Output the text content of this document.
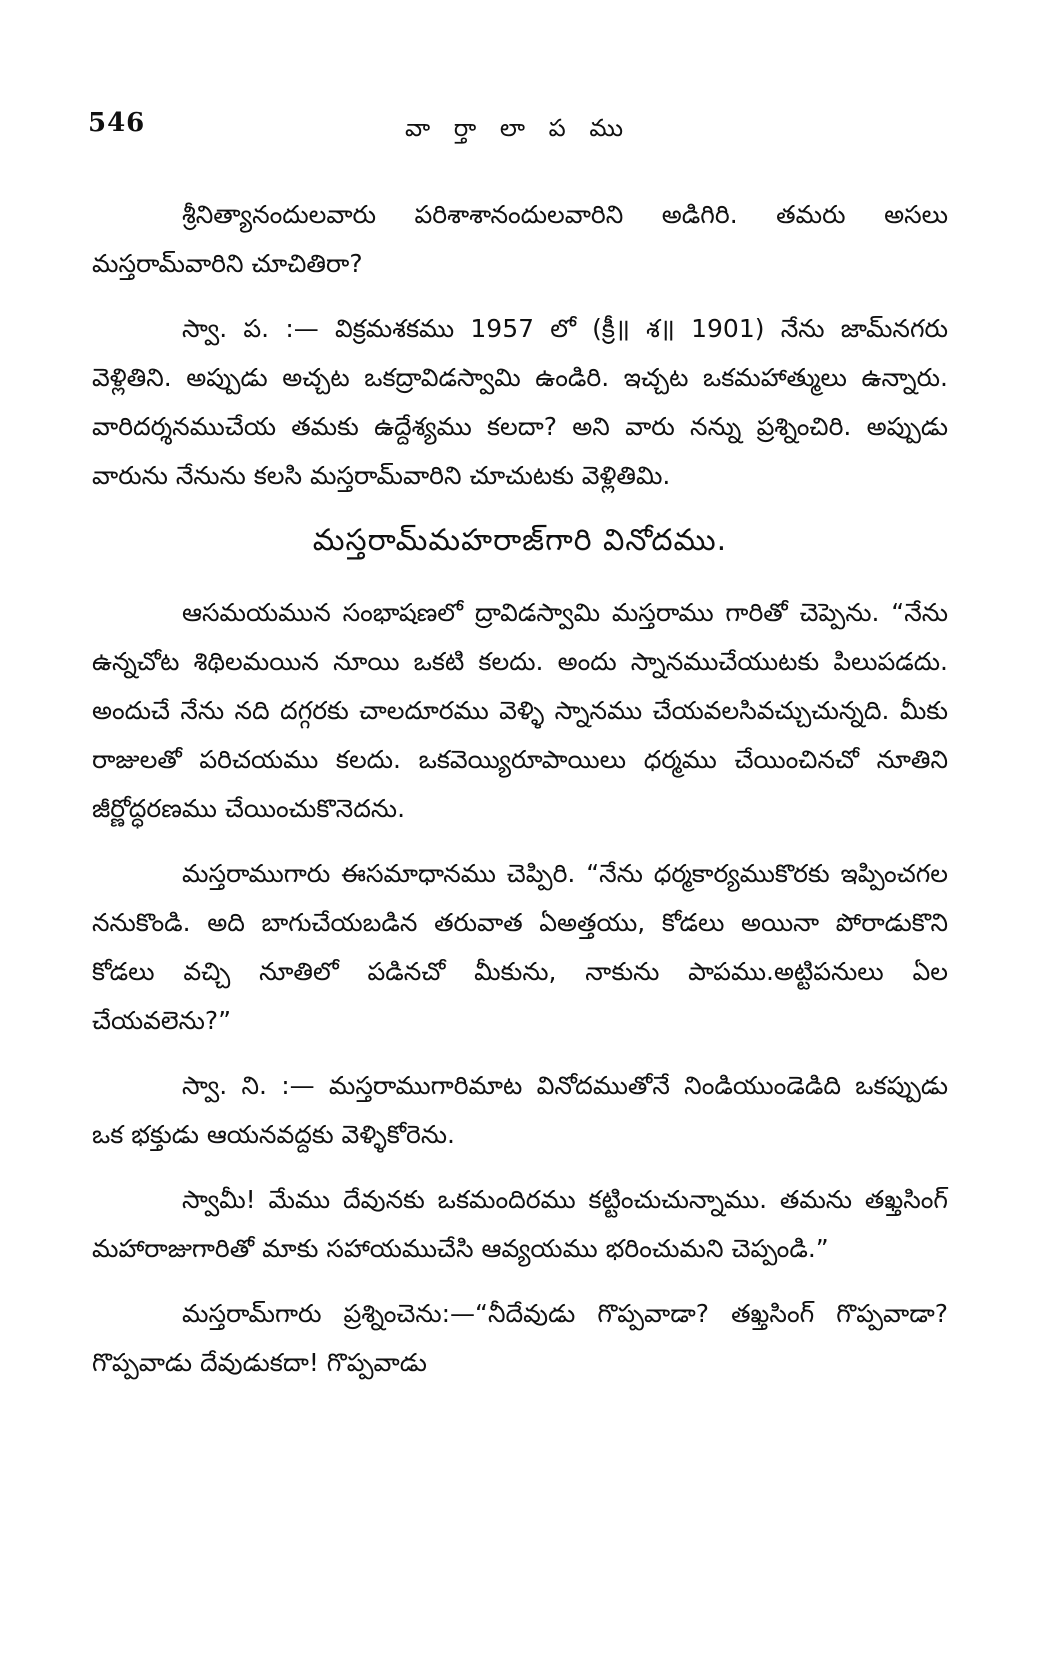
546	వా ర్తా లా ప ము

శ్రీనిత్యానందులవారు పరిశాశానందులవారిని అడిగిరి. తమరు అసలు మస్తరామ్‌వారిని చూచితిరా?

స్వా. ప. :— విక్రమశకము 1957 లో (క్రీ॥ శ॥ 1901) నేను జామ్‌నగరు వెళ్లితిని. అప్పుడు అచ్చట ఒకద్రావిడస్వామి ఉండిరి. ఇచ్చట ఒకమహాత్ములు ఉన్నారు. వారిదర్శనముచేయ తమకు ఉద్దేశ్యము కలదా? అని వారు నన్ను ప్రశ్నించిరి. అప్పుడు వారును నేనును కలసి మస్తరామ్‌వారిని చూచుటకు వెళ్లితిమి.

మస్తరామ్‌మహరాజ్‌గారి వినోదము.

ఆసమయమున సంభాషణలో ద్రావిడస్వామి మస్తరాము గారితో చెప్పెను. “నేను ఉన్నచోట శిథిలమయిన నూయి ఒకటి కలదు. అందు స్నానముచేయుటకు పిలుపడదు. అందుచే నేను నది దగ్గరకు చాలదూరము వెళ్ళి స్నానము చేయవలసివచ్చుచున్నది. మీకు రాజులతో పరిచయము కలదు. ఒకవెయ్యిరూపాయిలు ధర్మము చేయించినచో నూతిని జీర్ణోద్ధరణము చేయించుకొనెదను.

మస్తరాముగారు ఈసమాధానము చెప్పిరి. “నేను ధర్మకార్యముకొరకు ఇప్పించగల ననుకొండి. అది బాగుచేయబడిన తరువాత ఏఅత్తయు, కోడలు అయినా పోరాడుకొని కోడలు వచ్చి నూతిలో పడినచో మీకును, నాకును పాపము.అట్టిపనులు ఏల చేయవలెను?”

స్వా. ని. :— మస్తరాముగారిమాట వినోదముతోనే నిండియుండెడిది ఒకప్పుడు ఒక భక్తుడు ఆయనవద్దకు వెళ్ళికోరెను.

స్వామీ! మేము దేవునకు ఒకమందిరము కట్టించుచున్నాము. తమను తఖ్తసింగ్ మహారాజుగారితో మాకు సహాయముచేసి ఆవ్యయము భరించుమని చెప్పండి.”

మస్తరామ్‌గారు ప్రశ్నించెను:—“నీదేవుడు గొప్పవాడా? తఖ్తసింగ్ గొప్పవాడా? గొప్పవాడు దేవుడుకదా! గొప్పవాడు
